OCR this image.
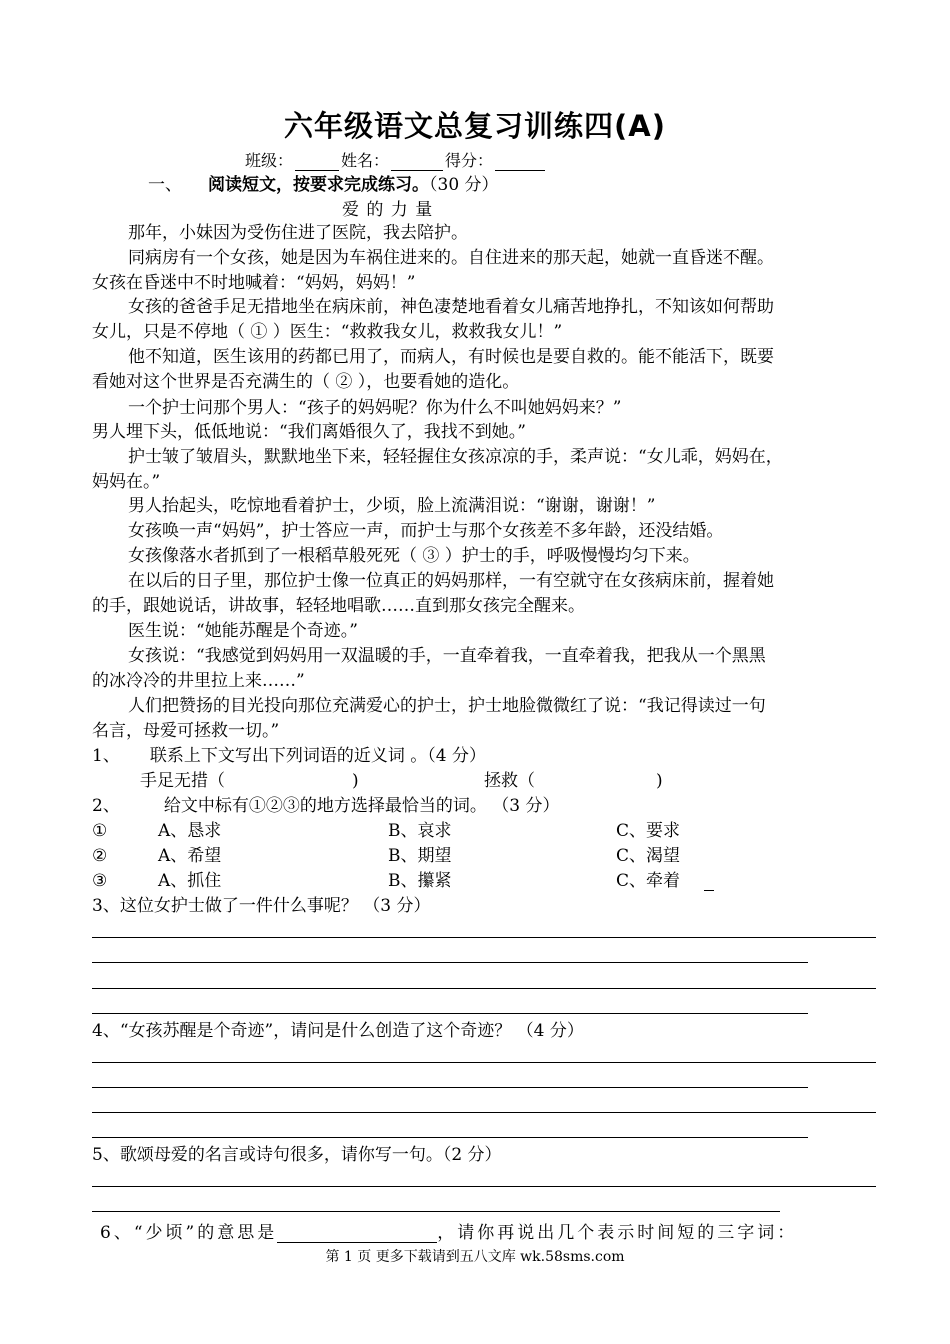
六年级语文总复习训练四(A)
班级：	姓名：	得分：
一、 阅读短文，按要求完成练习。（30 分）
爱 的 力 量
那年，小妹因为受伤住进了医院，我去陪护。
同病房有一个女孩，她是因为车祸住进来的。自住进来的那天起，她就一直昏迷不醒。
女孩在昏迷中不时地喊着：“妈妈，妈妈！”
女孩的爸爸手足无措地坐在病床前，神色凄楚地看着女儿痛苦地挣扎，不知该如何帮助
女儿，只是不停地（ ① ）医生：“救救我女儿，救救我女儿！”
他不知道，医生该用的药都已用了，而病人，有时候也是要自救的。能不能活下，既要
看她对这个世界是否充满生的（ ② ），也要看她的造化。
一个护士问那个男人：“孩子的妈妈呢？你为什么不叫她妈妈来？”
男人埋下头，低低地说：“我们离婚很久了，我找不到她。”
护士皱了皱眉头，默默地坐下来，轻轻握住女孩凉凉的手，柔声说：“女儿乖，妈妈在，
妈妈在。”
男人抬起头，吃惊地看着护士，少顷，脸上流满泪说：“谢谢，谢谢！”
女孩唤一声“妈妈”，护士答应一声，而护士与那个女孩差不多年龄，还没结婚。
女孩像落水者抓到了一根稻草般死死（ ③ ）护士的手，呼吸慢慢均匀下来。
在以后的日子里，那位护士像一位真正的妈妈那样，一有空就守在女孩病床前，握着她
的手，跟她说话，讲故事，轻轻地唱歌……直到那女孩完全醒来。
医生说：“她能苏醒是个奇迹。”
女孩说：“我感觉到妈妈用一双温暖的手，一直牵着我，一直牵着我，把我从一个黑黑
的冰冷冷的井里拉上来……”
人们把赞扬的目光投向那位充满爱心的护士，护士地脸微微红了说：“我记得读过一句
名言，母爱可拯救一切。”
1、 联系上下文写出下列词语的近义词 。（4 分）
手足无措（	)	拯救（	)
2、	给文中标有①②③的地方选择最恰当的词。 （3 分）
①	A、恳求	B、哀求	C、要求
②	A、希望	B、期望	C、渴望
③	A、抓住	B、攥紧	C、牵着
3、这位女护士做了一件什么事呢？ （3 分）
4、“女孩苏醒是个奇迹”，请问是什么创造了这个奇迹？ （4 分）
5、歌颂母爱的名言或诗句很多，请你写一句。（2 分）
6、“少顷”的意思是	，请你再说出几个表示时间短的三字词：
第 1 页 更多下载请到五八文库 wk.58sms.com
